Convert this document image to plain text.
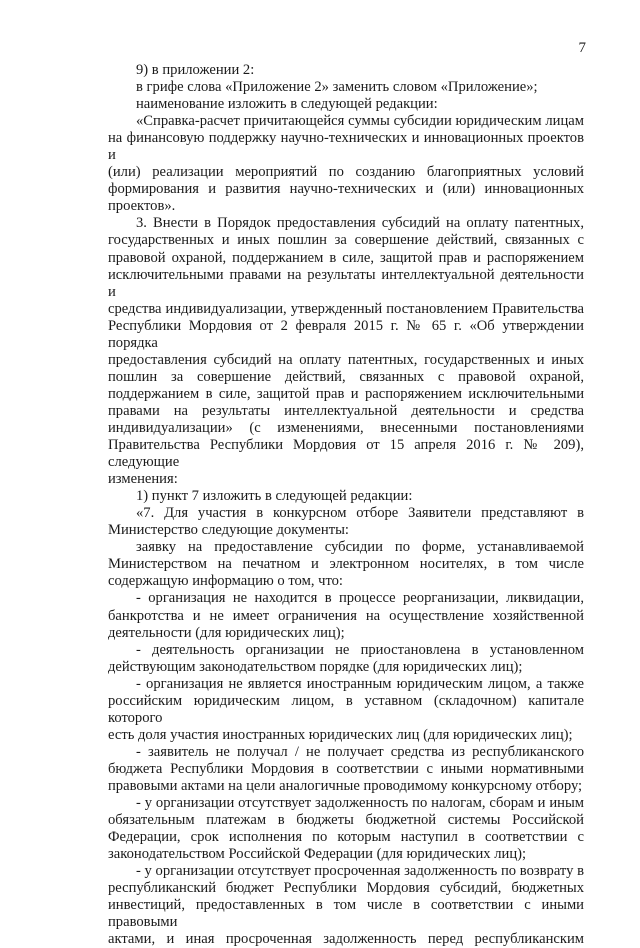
7

9) в приложении 2:

в грифе слова «Приложение 2» заменить словом «Приложение»;

наименование изложить в следующей редакции:

«Справка-расчет причитающейся суммы субсидии юридическим лицам

на финансовую поддержку научно-технических и инновационных проектов и

(или) реализации мероприятий по созданию благоприятных условий

формирования и развития научно-технических и (или) инновационных

проектов».

3. Внести в Порядок предоставления субсидий на оплату патентных,

государственных и иных пошлин за совершение действий, связанных с

правовой охраной, поддержанием в силе, защитой прав и распоряжением

исключительными правами на результаты интеллектуальной деятельности и

средства индивидуализации, утвержденный постановлением Правительства

Республики Мордовия от 2 февраля 2015 г. № 65 г. «Об утверждении порядка

предоставления субсидий на оплату патентных, государственных и иных

пошлин за совершение действий, связанных с правовой охраной,

поддержанием в силе, защитой прав и распоряжением исключительными

правами на результаты интеллектуальной деятельности и средства

индивидуализации» (с изменениями, внесенными постановлениями

Правительства Республики Мордовия от 15 апреля 2016 г. № 209), следующие

изменения:

1) пункт 7 изложить в следующей редакции:

«7. Для участия в конкурсном отборе Заявители представляют в

Министерство следующие документы:

заявку на предоставление субсидии по форме, устанавливаемой

Министерством на печатном и электронном носителях, в том числе

содержащую информацию о том, что:

- организация не находится в процессе реорганизации, ликвидации,

банкротства и не имеет ограничения на осуществление хозяйственной

деятельности (для юридических лиц);

- деятельность организации не приостановлена в установленном

действующим законодательством порядке (для юридических лиц);

- организация не является иностранным юридическим лицом, а также

российским юридическим лицом, в уставном (складочном) капитале которого

есть доля участия иностранных юридических лиц (для юридических лиц);

- заявитель не получал / не получает средства из республиканского

бюджета Республики Мордовия в соответствии с иными нормативными

правовыми актами на цели аналогичные проводимому конкурсному отбору;

- у организации отсутствует задолженность по налогам, сборам и иным

обязательным платежам в бюджеты бюджетной системы Российской

Федерации, срок исполнения по которым наступил в соответствии с

законодательством Российской Федерации (для юридических лиц);

- у организации отсутствует просроченная задолженность по возврату в

республиканский бюджет Республики Мордовия субсидий, бюджетных

инвестиций, предоставленных в том числе в соответствии с иными правовыми

актами, и иная просроченная задолженность перед республиканским
